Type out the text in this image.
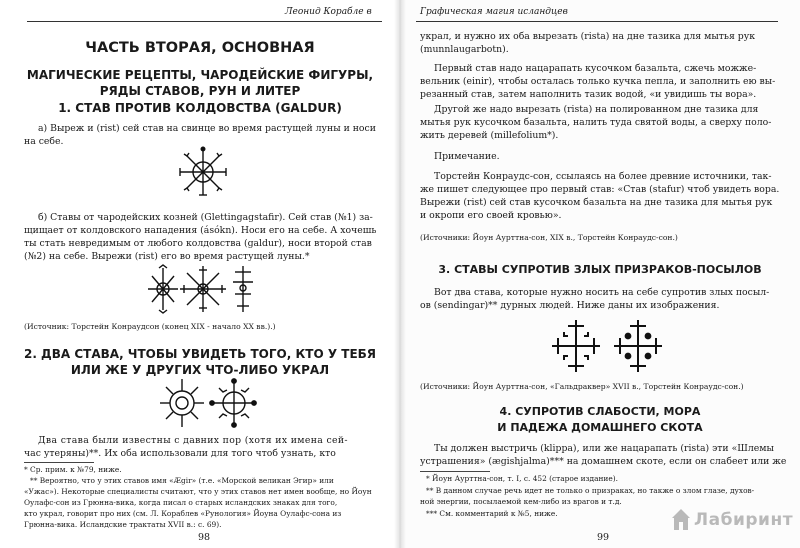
Леонид Корабле в
ЧАСТЬ ВТОРАЯ, ОСНОВНАЯ
МАГИЧЕСКИЕ РЕЦЕПТЫ, ЧАРОДЕЙСКИЕ ФИГУРЫ,
РЯДЫ СТАВОВ, РУН И ЛИТЕР
1. СТАВ ПРОТИВ КОЛДОВСТВА (GALDUR)
а) Выреж и (rist) сей став на свинце во время растущей луны и носи
на себе.
б) Ставы от чародейских козней (Glettingagstafir). Сей став (№1) за-
щищает от колдовского нападения (ásókn). Носи его на себе. А хочешь
ты стать невредимым от любого колдовства (galdur), носи второй став
(№2) на себе. Вырежи (rist) его во время растущей луны.*
(Источник: Торстейн Конраудсон (конец XIX - начало XX вв.).)
2. ДВА СТАВА, ЧТОБЫ УВИДЕТЬ ТОГО, КТО У ТЕБЯ
ИЛИ ЖЕ У ДРУГИХ ЧТО-ЛИБО УКРАЛ
Два става были известны с давних пор (хотя их имена сей-
час утеряны)**. Их оба использовали для того чтоб узнать, кто
* Ср. прим. к №79, ниже.
** Вероятно, что у этих ставов имя «Ægir» (т.е. «Морской великан Эгир» или
«Ужас»). Некоторые специалисты считают, что у этих ставов нет имен вообще, но Йоун
Оулафс-сон из Грюнна-вика, когда писал о старых исландских знаках для того,
кто украл, говорит про них (см. Л. Кораблев «Рунология» Йоуна Оулафс-сона из
Грюнна-вика. Исландские трактаты XVII в.: с. 69).
98
Графическая магия исландцев
украл, и нужно их оба вырезать (rista) на дне тазика для мытья рук
(munnlaugarbotn).
Первый став надо нацарапать кусочком базальта, сжечь можже-
вельник (einir), чтобы осталась только кучка пепла, и заполнить ею вы-
резанный став, затем наполнить тазик водой, «и увидишь ты вора».
Другой же надо вырезать (rista) на полированном дне тазика для
мытья рук кусочком базальта, налить туда святой воды, а сверху поло-
жить деревей (millefolium*).
Примечание.
Торстейн Конраудс-сон, ссылаясь на более древние источники, так-
же пишет следующее про первый став: «Став (stafur) чтоб увидеть вора.
Вырежи (rist) сей став кусочком базальта на дне тазика для мытья рук
и окропи его своей кровью».
(Источники: Йоун Аурттна-сон, XIX в., Торстейн Конраудс-сон.)
3. СТАВЫ СУПРОТИВ ЗЛЫХ ПРИЗРАКОВ-ПОСЫЛОВ
Вот два става, которые нужно носить на себе супротив злых посыл-
ов (sendingar)** дурных людей. Ниже даны их изображения.
(Источники: Йоун Аурттна-сон, «Гальдраквер» XVII в., Торстейн Конраудс-сон.)
4. СУПРОТИВ СЛАБОСТИ, МОРА
И ПАДЕЖА ДОМАШНЕГО СКОТА
Ты должен выстричь (klippa), или же нацарапать (rista) эти «Шлемы
устрашения» (ægishjalma)*** на домашнем скоте, если он слабеет или же
* Йоун Аурттна-сон, т. I, с. 452 (старое издание).
** В данном случае речь идет не только о призраках, но также о злом глазе, духов-
ной энергии, посылаемой кем-либо из врагов и т.д.
*** См. комментарий к №5, ниже.
99
Лабиринт
